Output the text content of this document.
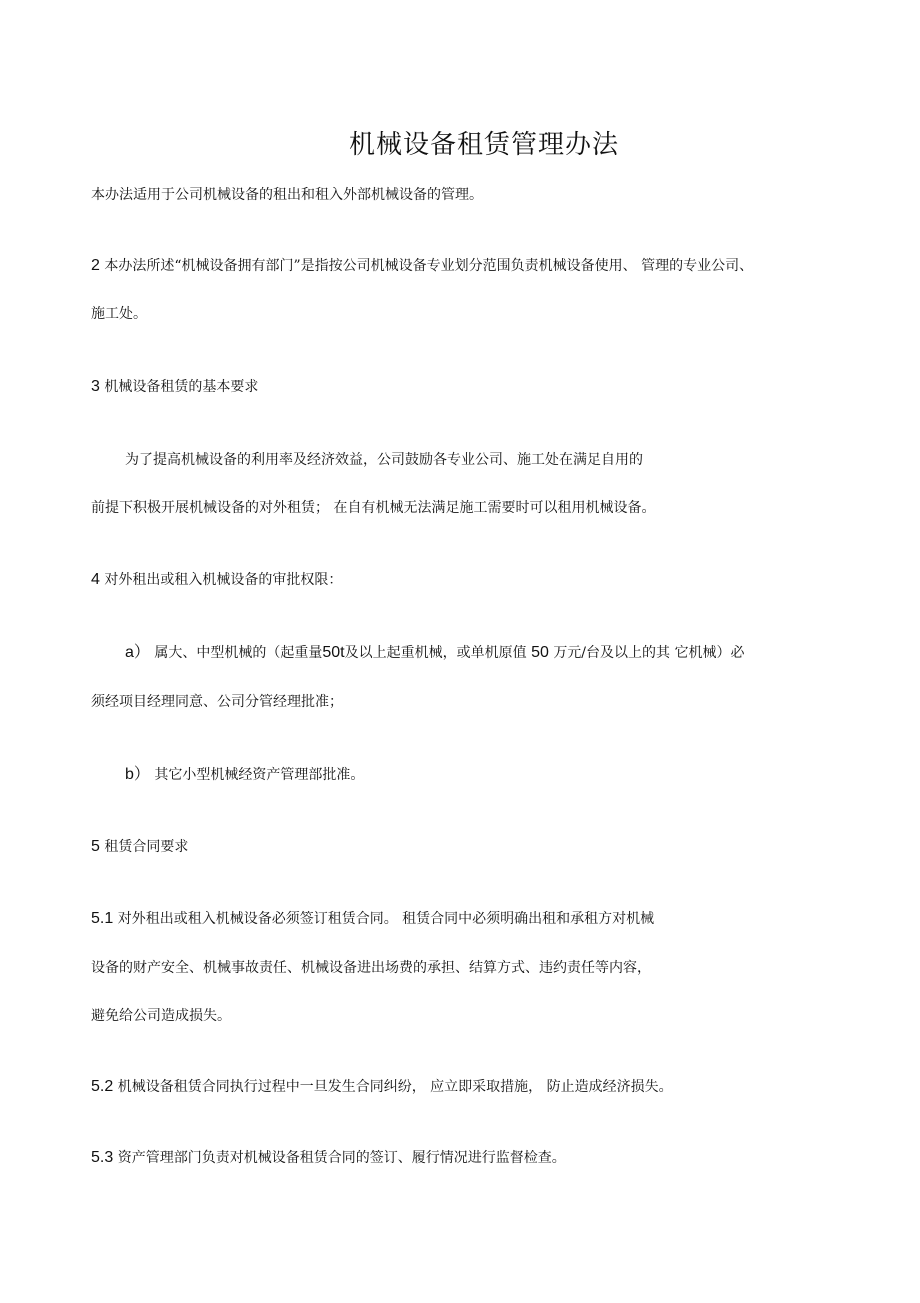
机械设备租赁管理办法
本办法适用于公司机械设备的租出和租入外部机械设备的管理。
2 本办法所述“机械设备拥有部门”是指按公司机械设备专业划分范围负责机械设备使用、 管理的专业公司、
施工处。
3 机械设备租赁的基本要求
为了提高机械设备的利用率及经济效益，公司鼓励各专业公司、施工处在满足自用的
前提下积极开展机械设备的对外租赁； 在自有机械无法满足施工需要时可以租用机械设备。
4 对外租出或租入机械设备的审批权限：
a） 属大、中型机械的（起重量50t及以上起重机械，或单机原值 50 万元/台及以上的其 它机械）必
须经项目经理同意、公司分管经理批准；
b） 其它小型机械经资产管理部批准。
5 租赁合同要求
5.1 对外租出或租入机械设备必须签订租赁合同。 租赁合同中必须明确出租和承租方对机械
设备的财产安全、机械事故责任、机械设备进出场费的承担、结算方式、违约责任等内容，
避免给公司造成损失。
5.2 机械设备租赁合同执行过程中一旦发生合同纠纷， 应立即采取措施， 防止造成经济损失。
5.3 资产管理部门负责对机械设备租赁合同的签订、履行情况进行监督检查。
